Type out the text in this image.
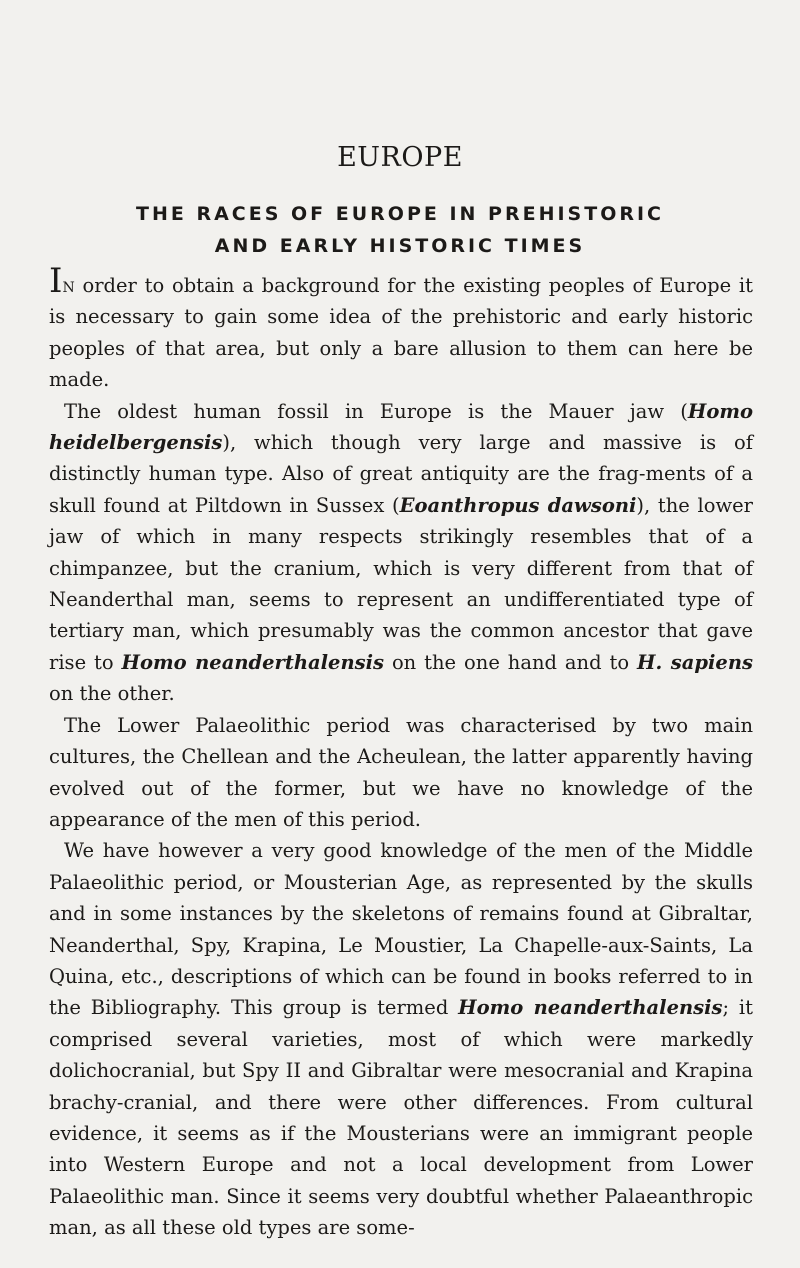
EUROPE
THE RACES OF EUROPE IN PREHISTORIC
AND EARLY HISTORIC TIMES

In order to obtain a background for the existing peoples of Europe it is necessary to gain some idea of the prehistoric and early historic peoples of that area, but only a bare allusion to them can here be made.

The oldest human fossil in Europe is the Mauer jaw (Homo heidelbergensis), which though very large and massive is of distinctly human type. Also of great antiquity are the frag-ments of a skull found at Piltdown in Sussex (Eoanthropus dawsoni), the lower jaw of which in many respects strikingly resembles that of a chimpanzee, but the cranium, which is very different from that of Neanderthal man, seems to represent an undifferentiated type of tertiary man, which presumably was the common ancestor that gave rise to Homo neanderthalensis on the one hand and to H. sapiens on the other.

The Lower Palaeolithic period was characterised by two main cultures, the Chellean and the Acheulean, the latter apparently having evolved out of the former, but we have no knowledge of the appearance of the men of this period.

We have however a very good knowledge of the men of the Middle Palaeolithic period, or Mousterian Age, as represented by the skulls and in some instances by the skeletons of remains found at Gibraltar, Neanderthal, Spy, Krapina, Le Moustier, La Chapelle-aux-Saints, La Quina, etc., descriptions of which can be found in books referred to in the Bibliography. This group is termed Homo neanderthalensis; it comprised several varieties, most of which were markedly dolichocranial, but Spy II and Gibraltar were mesocranial and Krapina brachy-cranial, and there were other differences. From cultural evidence, it seems as if the Mousterians were an immigrant people into Western Europe and not a local development from Lower Palaeolithic man. Since it seems very doubtful whether Palaeanthropic man, as all these old types are some-
